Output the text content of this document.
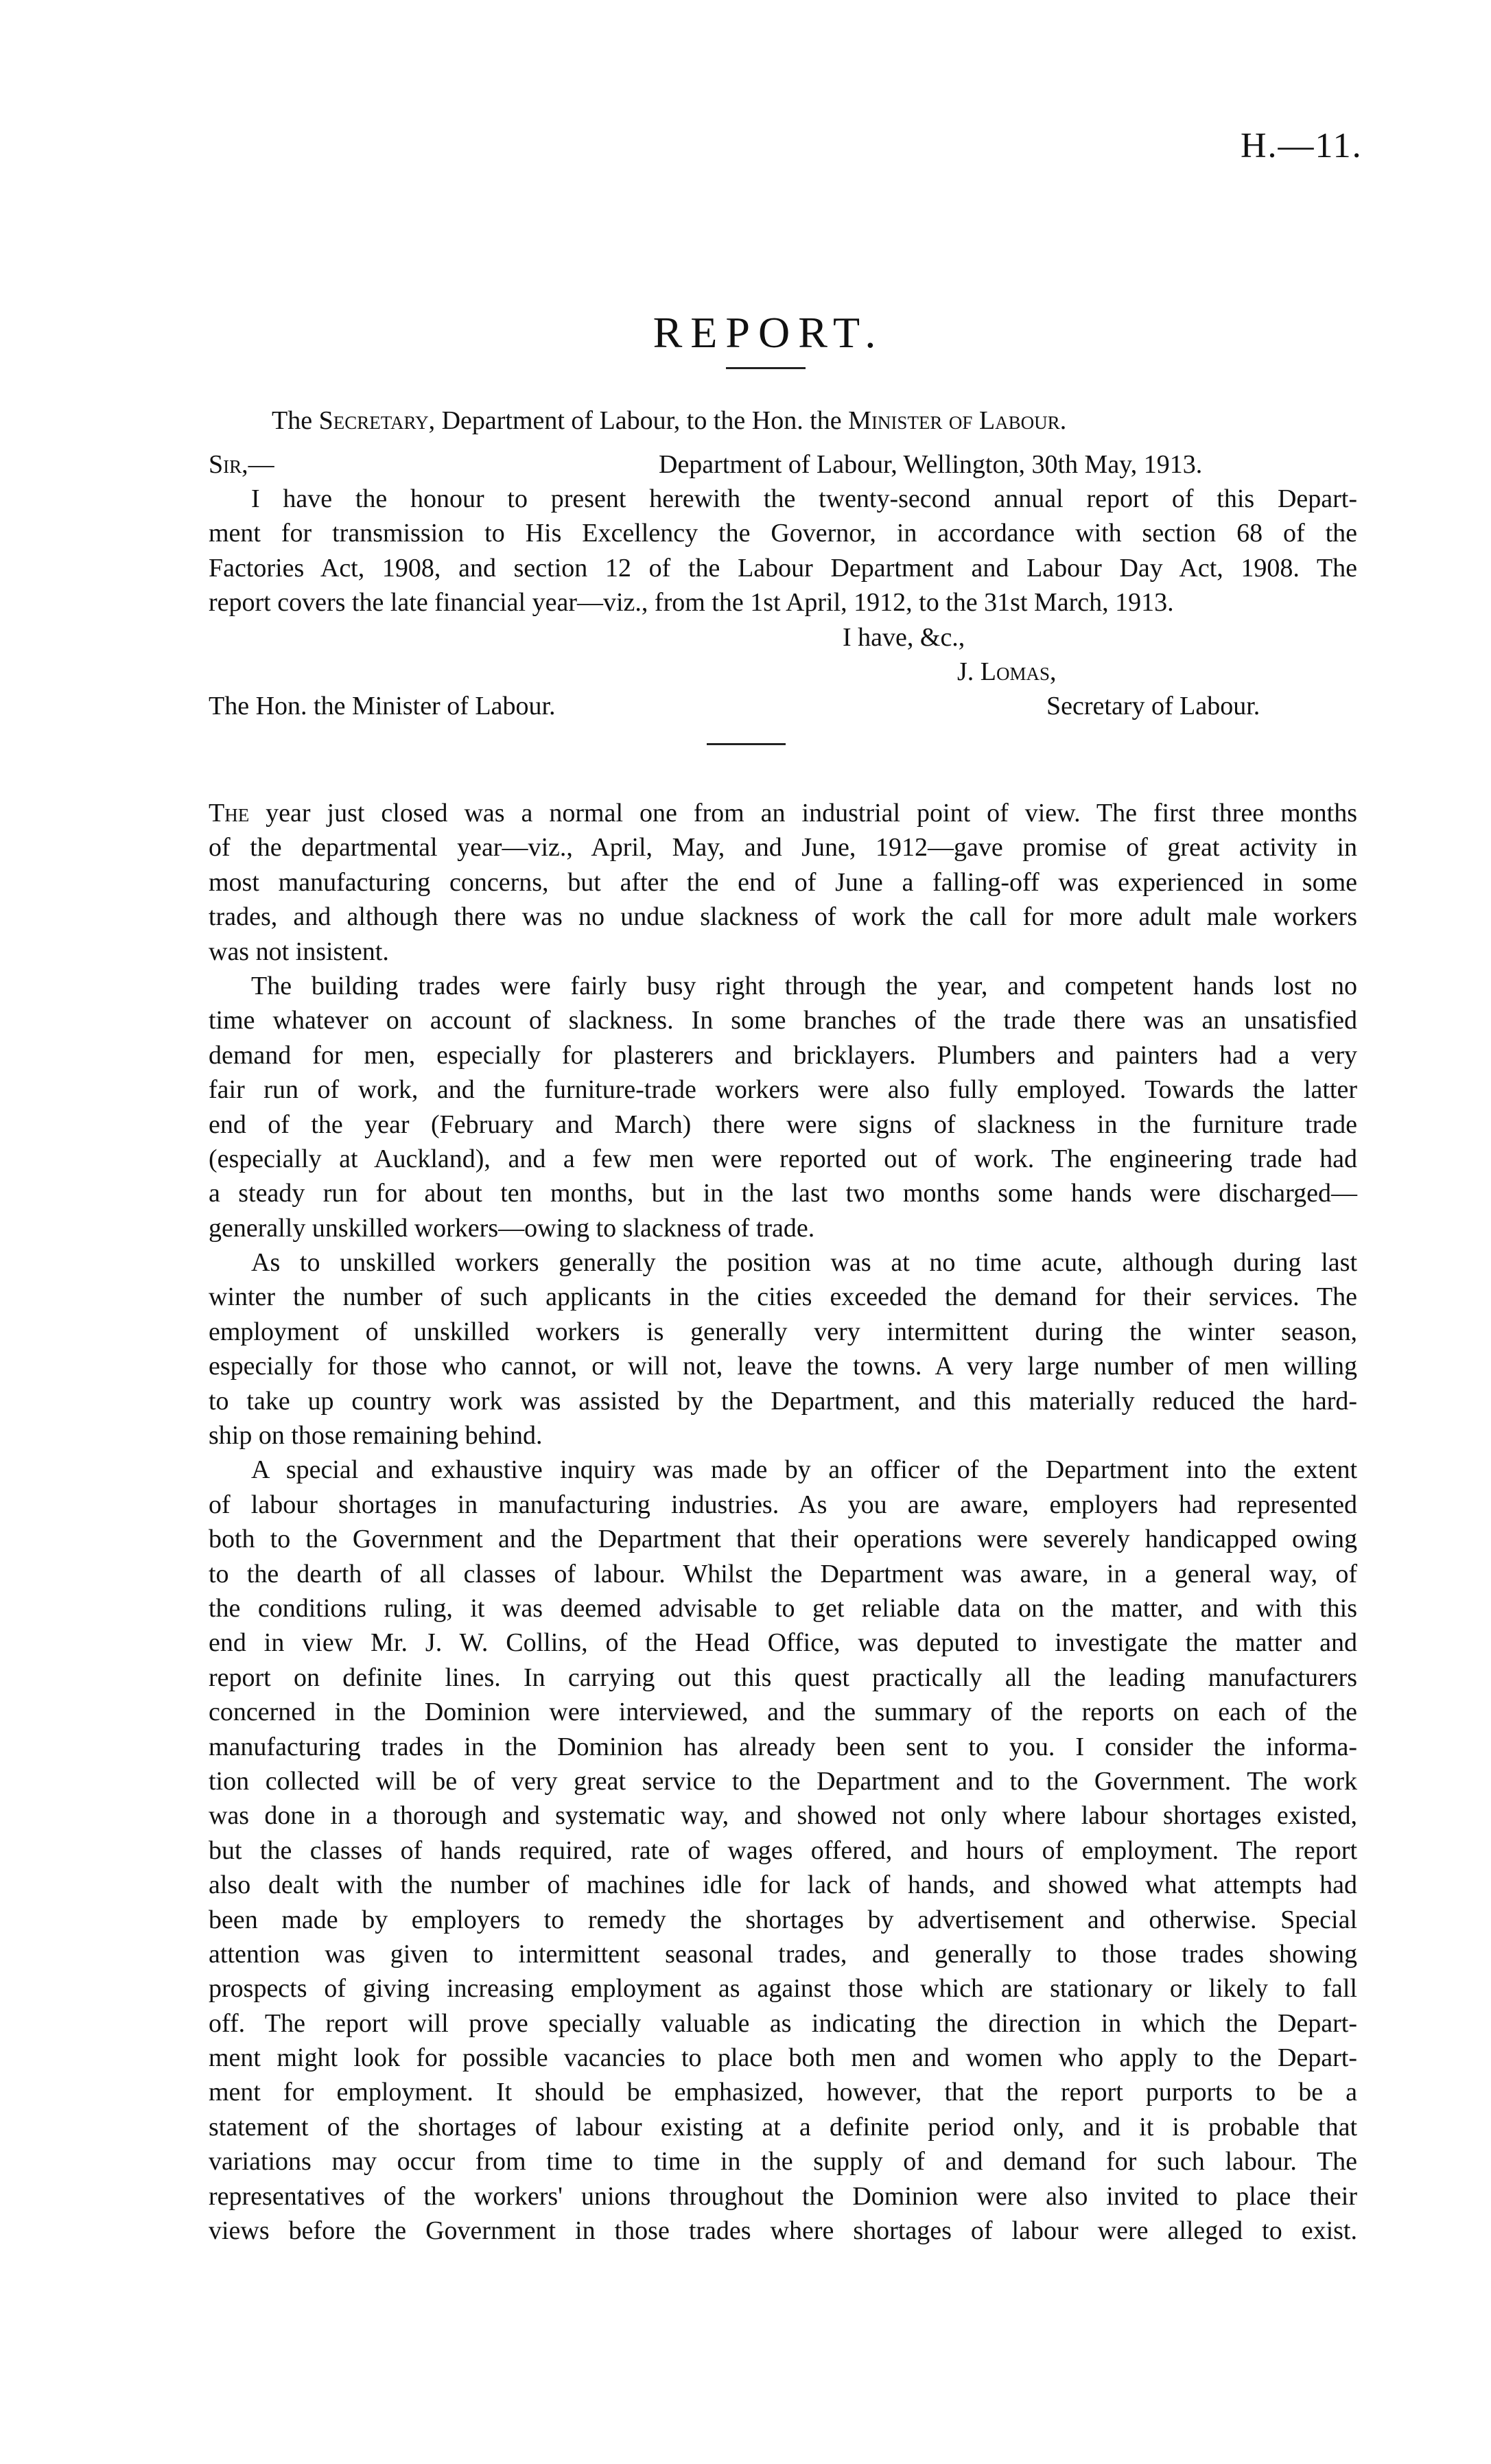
H.—11.
REPORT.
The Secretary, Department of Labour, to the Hon. the Minister of Labour.
Sir,—	Department of Labour, Wellington, 30th May, 1913.
I have the honour to present herewith the twenty-second annual report of this Depart-
ment for transmission to His Excellency the Governor, in accordance with section 68 of the
Factories Act, 1908, and section 12 of the Labour Department and Labour Day Act, 1908. The
report covers the late financial year—viz., from the 1st April, 1912, to the 31st March, 1913.
I have, &c.,
J. Lomas,
The Hon. the Minister of Labour.	Secretary of Labour.
The year just closed was a normal one from an industrial point of view. The first three months
of the departmental year—viz., April, May, and June, 1912—gave promise of great activity in
most manufacturing concerns, but after the end of June a falling-off was experienced in some
trades, and although there was no undue slackness of work the call for more adult male workers
was not insistent.
The building trades were fairly busy right through the year, and competent hands lost no
time whatever on account of slackness. In some branches of the trade there was an unsatisfied
demand for men, especially for plasterers and bricklayers. Plumbers and painters had a very
fair run of work, and the furniture-trade workers were also fully employed. Towards the latter
end of the year (February and March) there were signs of slackness in the furniture trade
(especially at Auckland), and a few men were reported out of work. The engineering trade had
a steady run for about ten months, but in the last two months some hands were discharged—
generally unskilled workers—owing to slackness of trade.
As to unskilled workers generally the position was at no time acute, although during last
winter the number of such applicants in the cities exceeded the demand for their services. The
employment of unskilled workers is generally very intermittent during the winter season,
especially for those who cannot, or will not, leave the towns. A very large number of men willing
to take up country work was assisted by the Department, and this materially reduced the hard-
ship on those remaining behind.
A special and exhaustive inquiry was made by an officer of the Department into the extent
of labour shortages in manufacturing industries. As you are aware, employers had represented
both to the Government and the Department that their operations were severely handicapped owing
to the dearth of all classes of labour. Whilst the Department was aware, in a general way, of
the conditions ruling, it was deemed advisable to get reliable data on the matter, and with this
end in view Mr. J. W. Collins, of the Head Office, was deputed to investigate the matter and
report on definite lines. In carrying out this quest practically all the leading manufacturers
concerned in the Dominion were interviewed, and the summary of the reports on each of the
manufacturing trades in the Dominion has already been sent to you. I consider the informa-
tion collected will be of very great service to the Department and to the Government. The work
was done in a thorough and systematic way, and showed not only where labour shortages existed,
but the classes of hands required, rate of wages offered, and hours of employment. The report
also dealt with the number of machines idle for lack of hands, and showed what attempts had
been made by employers to remedy the shortages by advertisement and otherwise. Special
attention was given to intermittent seasonal trades, and generally to those trades showing
prospects of giving increasing employment as against those which are stationary or likely to fall
off. The report will prove specially valuable as indicating the direction in which the Depart-
ment might look for possible vacancies to place both men and women who apply to the Depart-
ment for employment. It should be emphasized, however, that the report purports to be a
statement of the shortages of labour existing at a definite period only, and it is probable that
variations may occur from time to time in the supply of and demand for such labour. The
representatives of the workers' unions throughout the Dominion were also invited to place their
views before the Government in those trades where shortages of labour were alleged to exist.
